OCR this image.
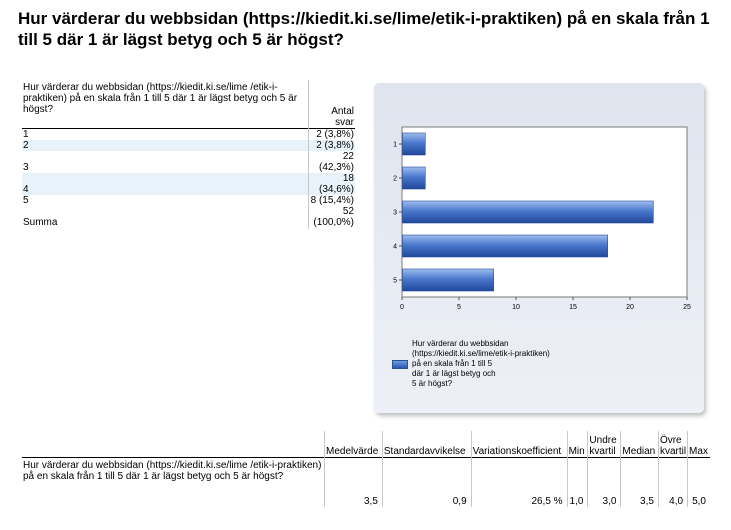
Hur värderar du webbsidan (https://kiedit.ki.se/lime/etik-i-praktiken) på en skala från 1 till 5 där 1 är lägst betyg och 5 är högst?
Hur värderar du webbsidan (https://kiedit.ki.se/lime /etik-i-praktiken) på en skala från 1 till 5 där 1 är lägst betyg och 5 är högst?	Antal svar
1	2 (3,8%)
2	2 (3,8%)
3	22 (42,3%)
4	18 (34,6%)
5	8 (15,4%)
Summa	52 (100,0%)
0	5	10	15	20	25
1
2
3
4
5
Hur värderar du webbsidan
(https://kiedit.ki.se/lime/etik-i-praktiken)
på en skala från 1 till 5
där 1 är lägst betyg och
5 är högst?
	Medelvärde	Standardavvikelse	Variationskoefficient	Min	Undre kvartil	Median	Övre kvartil	Max
Hur värderar du webbsidan (https://kiedit.ki.se/lime /etik-i-praktiken) på en skala från 1 till 5 där 1 är lägst betyg och 5 är högst?	3,5	0,9	26,5 %	1,0	3,0	3,5	4,0	5,0
